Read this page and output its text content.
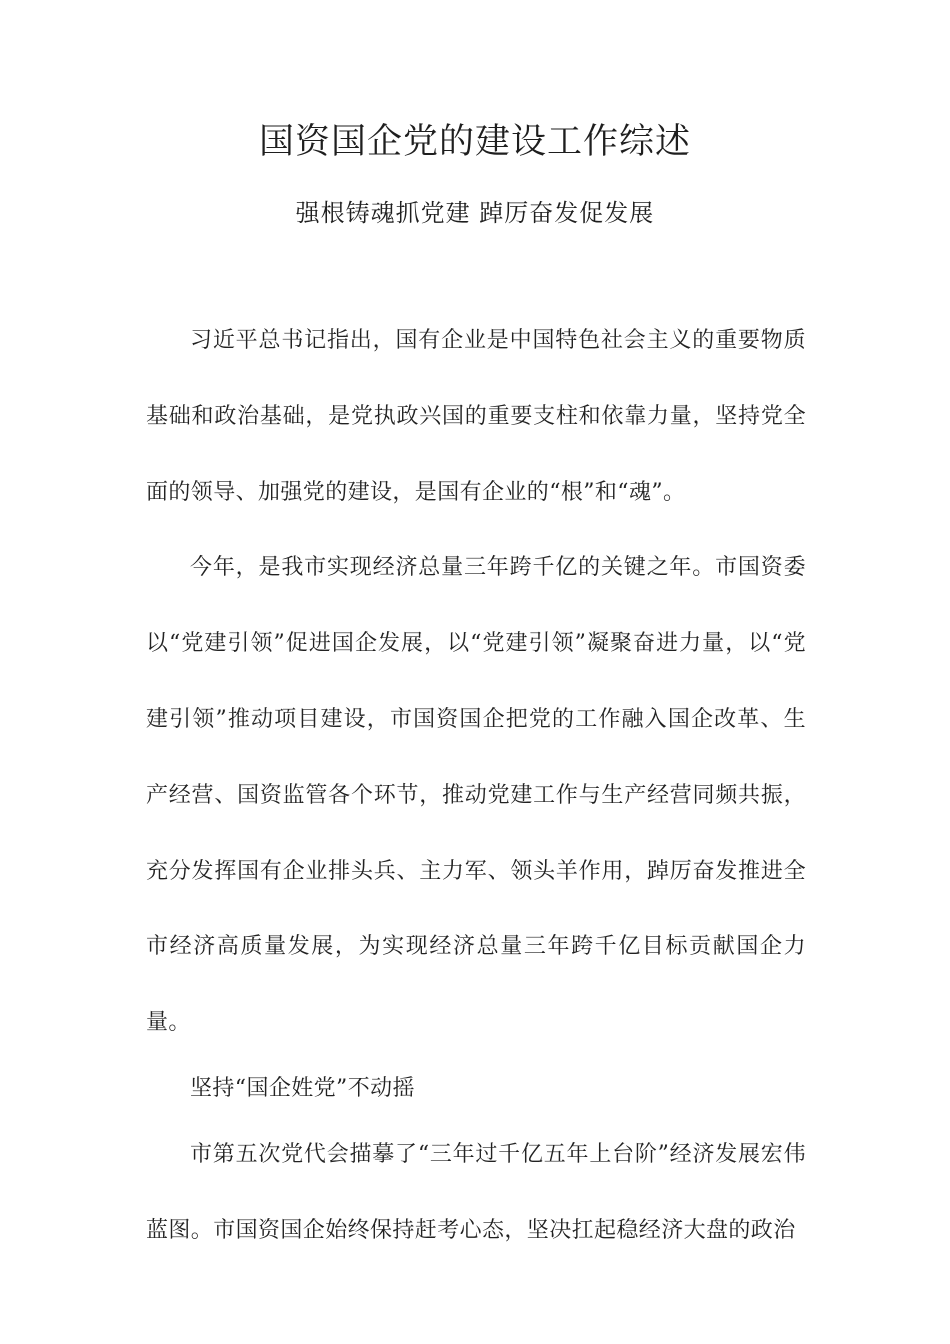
国资国企党的建设工作综述
强根铸魂抓党建 踔厉奋发促发展

习近平总书记指出，国有企业是中国特色社会主义的重要物质基础和政治基础，是党执政兴国的重要支柱和依靠力量，坚持党全面的领导、加强党的建设，是国有企业的“根”和“魂”。

今年，是我市实现经济总量三年跨千亿的关键之年。市国资委以“党建引领”促进国企发展，以“党建引领”凝聚奋进力量，以“党建引领”推动项目建设，市国资国企把党的工作融入国企改革、生产经营、国资监管各个环节，推动党建工作与生产经营同频共振，充分发挥国有企业排头兵、主力军、领头羊作用，踔厉奋发推进全市经济高质量发展，为实现经济总量三年跨千亿目标贡献国企力量。

坚持“国企姓党”不动摇

市第五次党代会描摹了“三年过千亿五年上台阶”经济发展宏伟蓝图。市国资国企始终保持赶考心态，坚决扛起稳经济大盘的政治
